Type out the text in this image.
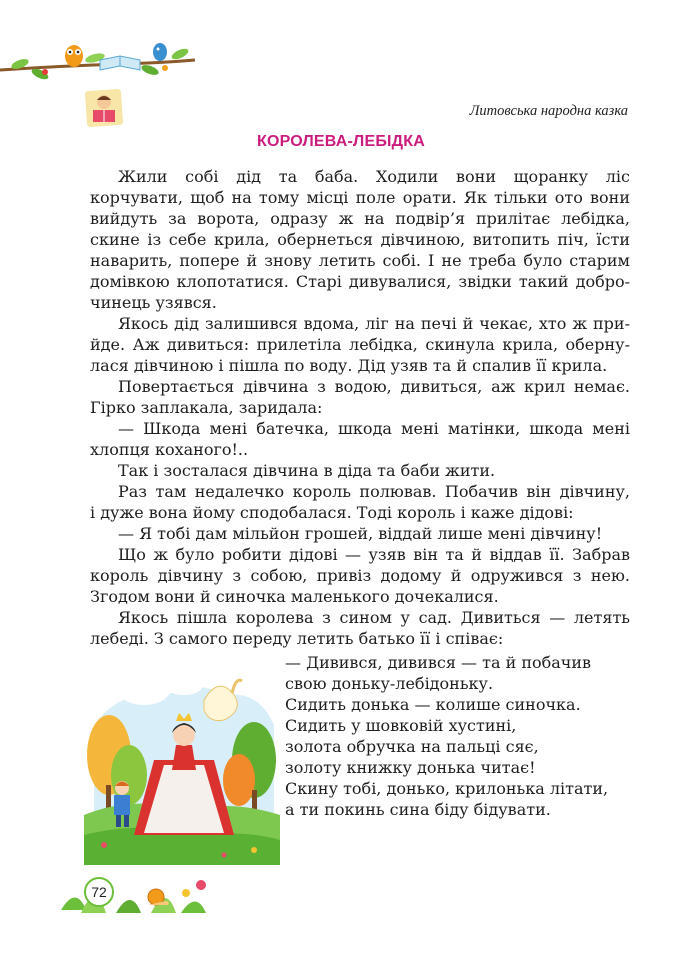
Литовська народна казка

КОРОЛЕВА-ЛЕБІДКА

Жили собі дід та баба. Ходили вони щоранку ліс

корчувати, щоб на тому місці поле орати. Як тільки ото вони

вийдуть за ворота, одразу ж на подвір’я прилітає лебідка,

скине із себе крила, обернеться дівчиною, витопить піч, їсти

наварить, попере й знову летить собі. І не треба було старим

домівкою клопотатися. Старі дивувалися, звідки такий добро-

чинець узявся.

Якось дід залишився вдома, ліг на печі й чекає, хто ж при-

йде. Аж дивиться: прилетіла лебідка, скинула крила, оберну-

лася дівчиною і пішла по воду. Дід узяв та й спалив її крила.

Повертається дівчина з водою, дивиться, аж крил немає.

Гірко заплакала, заридала:

— Шкода мені батечка, шкода мені матінки, шкода мені

хлопця коханого!..

Так і зосталася дівчина в діда та баби жити.

Раз там недалечко король полював. Побачив він дівчину,

і дуже вона йому сподобалася. Тоді король і каже дідові:

— Я тобі дам мільйон грошей, віддай лише мені дівчину!

Що ж було робити дідові — узяв він та й віддав її. Забрав

король дівчину з собою, привіз додому й одружився з нею.

Згодом вони й синочка маленького дочекалися.

Якось пішла королева з сином у сад. Дивиться — летять

лебеді. З самого переду летить батько її і співає:

— Дивився, дивився — та й побачив

свою доньку-лебідоньку.

Сидить донька — колише синочка.

Сидить у шовковій хустині,

золота обручка на пальці сяє,

золоту книжку донька читає!

Скину тобі, донько, крилонька літати,

а ти покинь сина біду бідувати.

72
